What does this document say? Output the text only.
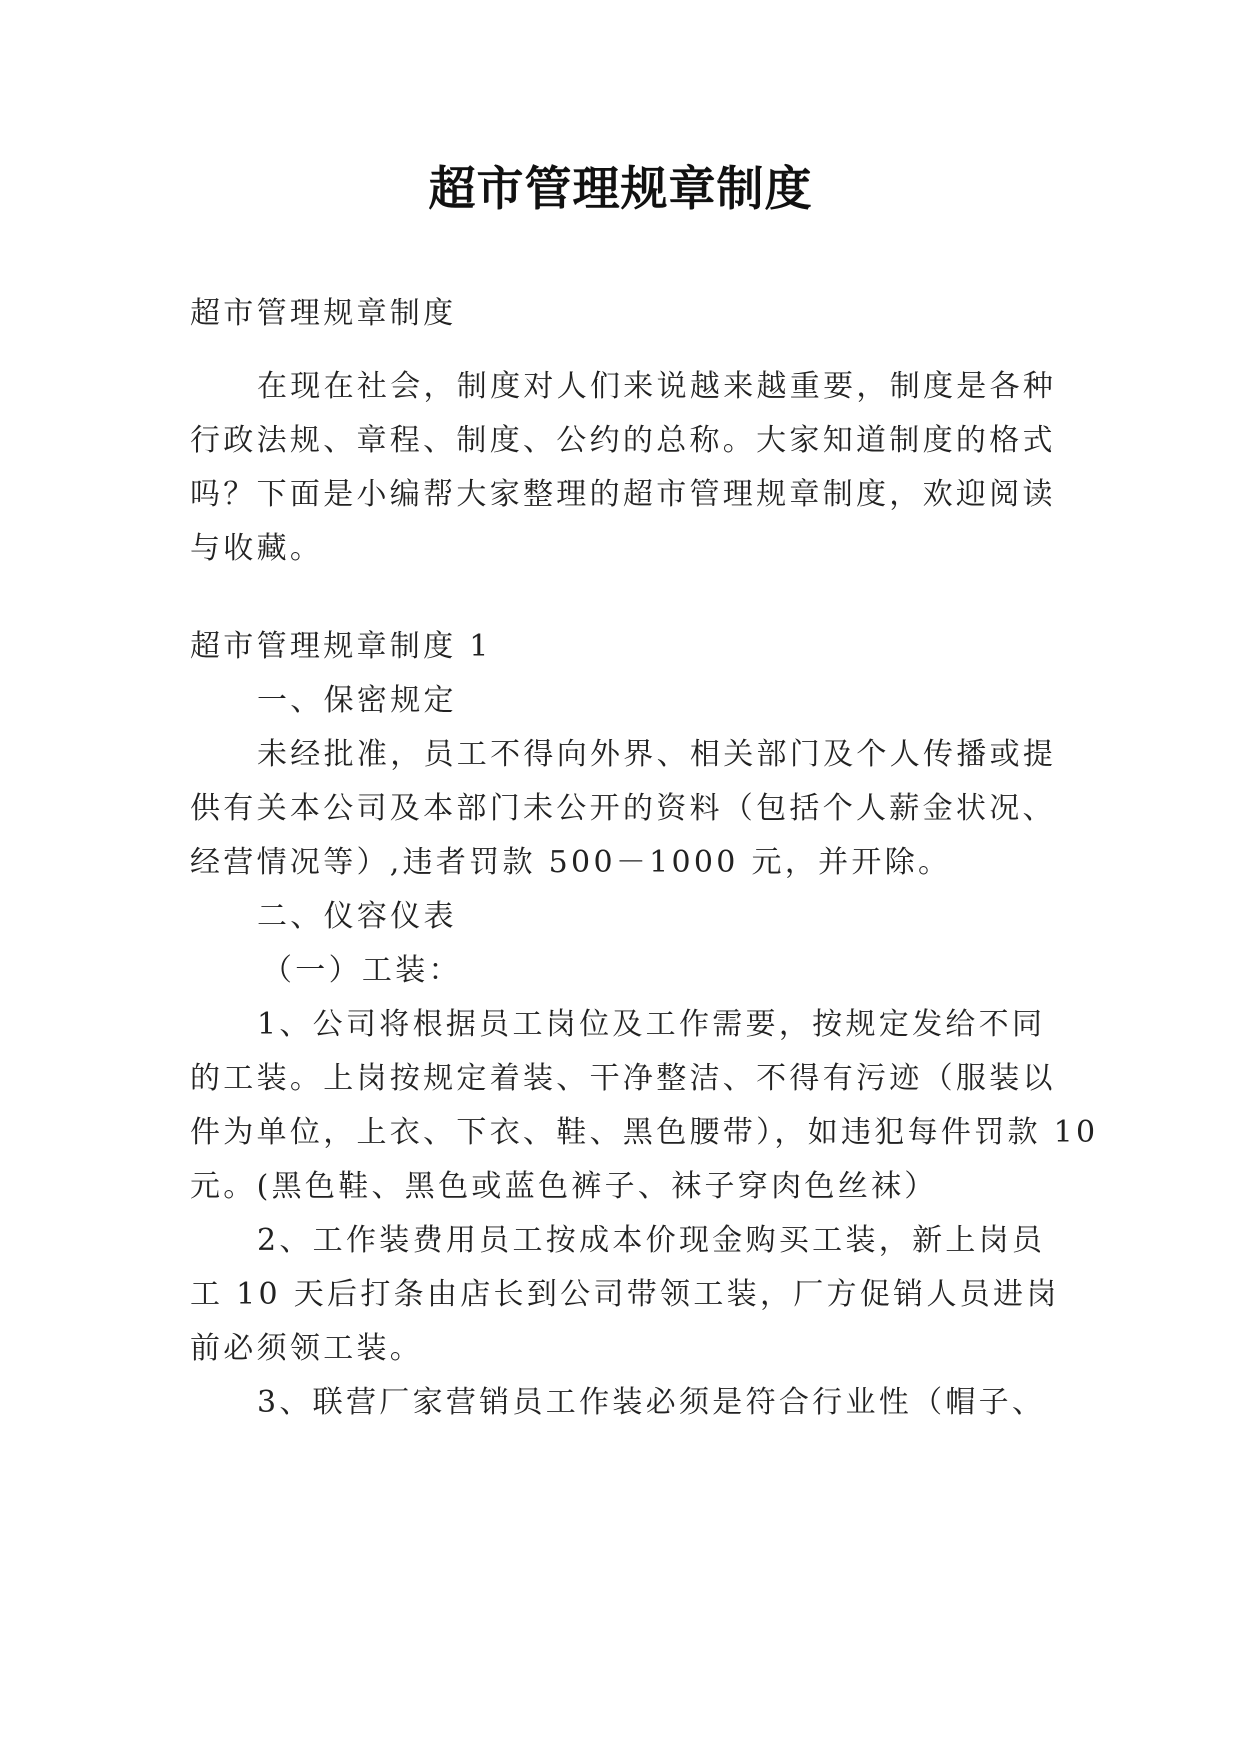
超市管理规章制度
超市管理规章制度
在现在社会，制度对人们来说越来越重要，制度是各种
行政法规、章程、制度、公约的总称。大家知道制度的格式
吗？下面是小编帮大家整理的超市管理规章制度，欢迎阅读
与收藏。
超市管理规章制度 1
一、保密规定
未经批准，员工不得向外界、相关部门及个人传播或提
供有关本公司及本部门未公开的资料（包括个人薪金状况、
经营情况等）,违者罚款 500－1000 元，并开除。
二、仪容仪表
（一）工装：
1、公司将根据员工岗位及工作需要，按规定发给不同
的工装。上岗按规定着装、干净整洁、不得有污迹（服装以
件为单位，上衣、下衣、鞋、黑色腰带），如违犯每件罚款 10
元。(黑色鞋、黑色或蓝色裤子、袜子穿肉色丝袜）
2、工作装费用员工按成本价现金购买工装，新上岗员
工 10 天后打条由店长到公司带领工装，厂方促销人员进岗
前必须领工装。
3、联营厂家营销员工作装必须是符合行业性（帽子、
